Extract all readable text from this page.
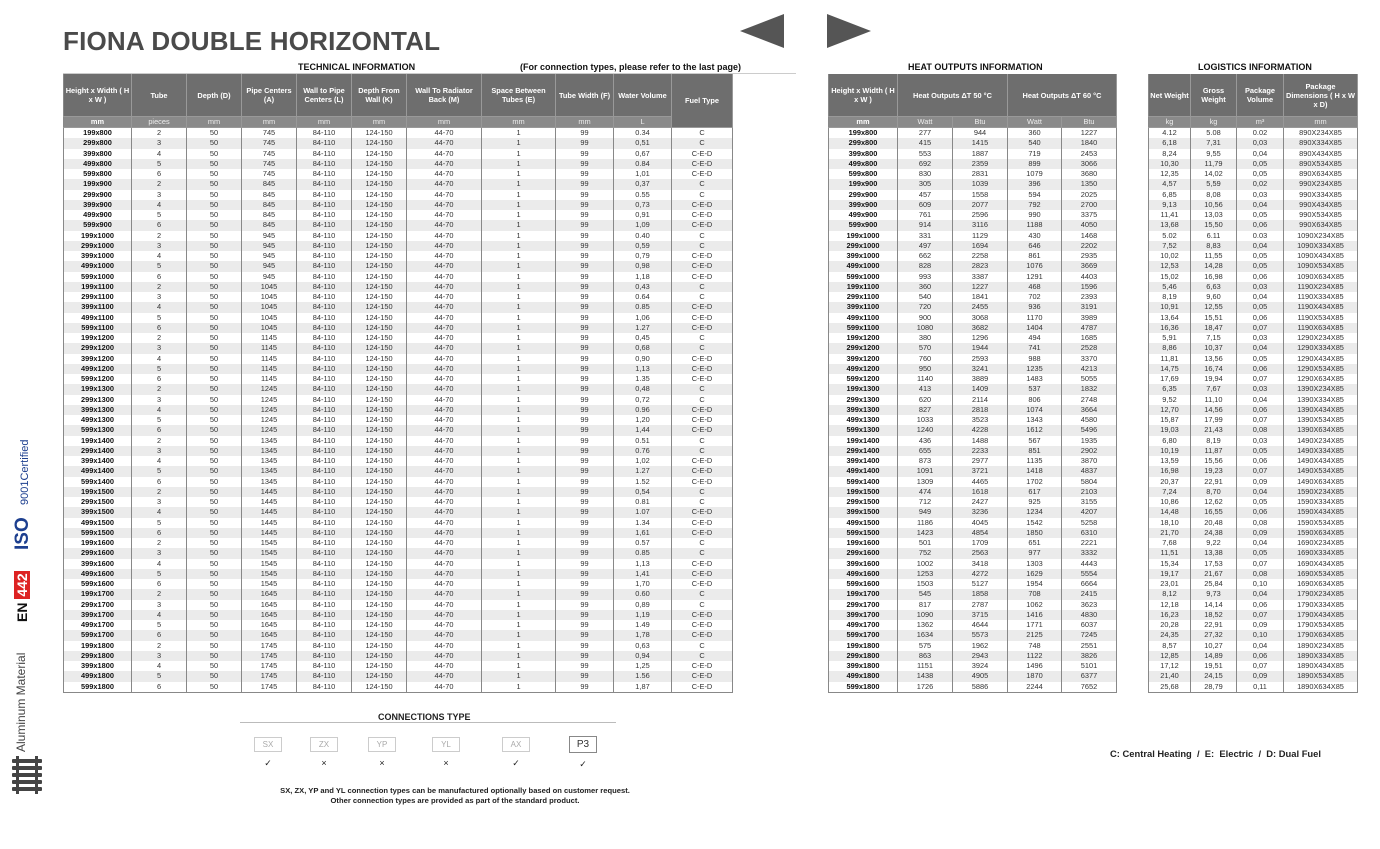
FIONA DOUBLE HORIZONTAL
9001Certified
ISO
EN 442
Aluminum Material
TECHNICAL INFORMATION	(For connection types, please refer to the last page)
Height x Width ( H x W )	Tube	Depth (D)	Pipe Centers (A)	Wall to Pipe Centers (L)	Depth From Wall (K)	Wall To Radiator Back (M)	Space Between Tubes (E)	Tube Width (F)	Water Volume	Fuel Type
mm	pieces	mm	mm	mm	mm	mm	mm	mm	L	
199x800	2	50	745	84-110	124-150	44-70	1	99	0.34	C
299x800	3	50	745	84-110	124-150	44-70	1	99	0,51	C
399x800	4	50	745	84-110	124-150	44-70	1	99	0,67	C-E-D
499x800	5	50	745	84-110	124-150	44-70	1	99	0.84	C-E-D
599x800	6	50	745	84-110	124-150	44-70	1	99	1,01	C-E-D
199x900	2	50	845	84-110	124-150	44-70	1	99	0,37	C
299x900	3	50	845	84-110	124-150	44-70	1	99	0.55	C
399x900	4	50	845	84-110	124-150	44-70	1	99	0,73	C-E-D
499x900	5	50	845	84-110	124-150	44-70	1	99	0,91	C-E-D
599x900	6	50	845	84-110	124-150	44-70	1	99	1,09	C-E-D
199x1000	2	50	945	84-110	124-150	44-70	1	99	0.40	C
299x1000	3	50	945	84-110	124-150	44-70	1	99	0,59	C
399x1000	4	50	945	84-110	124-150	44-70	1	99	0,79	C-E-D
499x1000	5	50	945	84-110	124-150	44-70	1	99	0,98	C-E-D
599x1000	6	50	945	84-110	124-150	44-70	1	99	1,18	C-E-D
199x1100	2	50	1045	84-110	124-150	44-70	1	99	0,43	C
299x1100	3	50	1045	84-110	124-150	44-70	1	99	0.64	C
399x1100	4	50	1045	84-110	124-150	44-70	1	99	0.85	C-E-D
499x1100	5	50	1045	84-110	124-150	44-70	1	99	1,06	C-E-D
599x1100	6	50	1045	84-110	124-150	44-70	1	99	1.27	C-E-D
199x1200	2	50	1145	84-110	124-150	44-70	1	99	0,45	C
299x1200	3	50	1145	84-110	124-150	44-70	1	99	0,68	C
399x1200	4	50	1145	84-110	124-150	44-70	1	99	0,90	C-E-D
499x1200	5	50	1145	84-110	124-150	44-70	1	99	1,13	C-E-D
599x1200	6	50	1145	84-110	124-150	44-70	1	99	1.35	C-E-D
199x1300	2	50	1245	84-110	124-150	44-70	1	99	0,48	C
299x1300	3	50	1245	84-110	124-150	44-70	1	99	0,72	C
399x1300	4	50	1245	84-110	124-150	44-70	1	99	0.96	C-E-D
499x1300	5	50	1245	84-110	124-150	44-70	1	99	1,20	C-E-D
599x1300	6	50	1245	84-110	124-150	44-70	1	99	1,44	C-E-D
199x1400	2	50	1345	84-110	124-150	44-70	1	99	0.51	C
299x1400	3	50	1345	84-110	124-150	44-70	1	99	0.76	C
399x1400	4	50	1345	84-110	124-150	44-70	1	99	1,02	C-E-D
499x1400	5	50	1345	84-110	124-150	44-70	1	99	1.27	C-E-D
599x1400	6	50	1345	84-110	124-150	44-70	1	99	1.52	C-E-D
199x1500	2	50	1445	84-110	124-150	44-70	1	99	0,54	C
299x1500	3	50	1445	84-110	124-150	44-70	1	99	0.81	C
399x1500	4	50	1445	84-110	124-150	44-70	1	99	1.07	C-E-D
499x1500	5	50	1445	84-110	124-150	44-70	1	99	1.34	C-E-D
599x1500	6	50	1445	84-110	124-150	44-70	1	99	1,61	C-E-D
199x1600	2	50	1545	84-110	124-150	44-70	1	99	0.57	C
299x1600	3	50	1545	84-110	124-150	44-70	1	99	0.85	C
399x1600	4	50	1545	84-110	124-150	44-70	1	99	1,13	C-E-D
499x1600	5	50	1545	84-110	124-150	44-70	1	99	1,41	C-E-D
599x1600	6	50	1545	84-110	124-150	44-70	1	99	1,70	C-E-D
199x1700	2	50	1645	84-110	124-150	44-70	1	99	0.60	C
299x1700	3	50	1645	84-110	124-150	44-70	1	99	0,89	C
399x1700	4	50	1645	84-110	124-150	44-70	1	99	1,19	C-E-D
499x1700	5	50	1645	84-110	124-150	44-70	1	99	1.49	C-E-D
599x1700	6	50	1645	84-110	124-150	44-70	1	99	1,78	C-E-D
199x1800	2	50	1745	84-110	124-150	44-70	1	99	0,63	C
299x1800	3	50	1745	84-110	124-150	44-70	1	99	0,94	C
399x1800	4	50	1745	84-110	124-150	44-70	1	99	1,25	C-E-D
499x1800	5	50	1745	84-110	124-150	44-70	1	99	1.56	C-E-D
599x1800	6	50	1745	84-110	124-150	44-70	1	99	1,87	C-E-D
HEAT OUTPUTS INFORMATION
Height x Width ( H x W )	Heat Outputs ΔT 50 °C		Heat Outputs ΔT 60 °C	
mm	Watt	Btu	Watt	Btu
199x800	277	944	360	1227
299x800	415	1415	540	1840
399x800	553	1887	719	2453
499x800	692	2359	899	3066
599x800	830	2831	1079	3680
199x900	305	1039	396	1350
299x900	457	1558	594	2025
399x900	609	2077	792	2700
499x900	761	2596	990	3375
599x900	914	3116	1188	4050
199x1000	331	1129	430	1468
299x1000	497	1694	646	2202
399x1000	662	2258	861	2935
499x1000	828	2823	1076	3669
599x1000	993	3387	1291	4403
199x1100	360	1227	468	1596
299x1100	540	1841	702	2393
399x1100	720	2455	936	3191
499x1100	900	3068	1170	3989
599x1100	1080	3682	1404	4787
199x1200	380	1296	494	1685
299x1200	570	1944	741	2528
399x1200	760	2593	988	3370
499x1200	950	3241	1235	4213
599x1200	1140	3889	1483	5055
199x1300	413	1409	537	1832
299x1300	620	2114	806	2748
399x1300	827	2818	1074	3664
499x1300	1033	3523	1343	4580
599x1300	1240	4228	1612	5496
199x1400	436	1488	567	1935
299x1400	655	2233	851	2902
399x1400	873	2977	1135	3870
499x1400	1091	3721	1418	4837
599x1400	1309	4465	1702	5804
199x1500	474	1618	617	2103
299x1500	712	2427	925	3155
399x1500	949	3236	1234	4207
499x1500	1186	4045	1542	5258
599x1500	1423	4854	1850	6310
199x1600	501	1709	651	2221
299x1600	752	2563	977	3332
399x1600	1002	3418	1303	4443
499x1600	1253	4272	1629	5554
599x1600	1503	5127	1954	6664
199x1700	545	1858	708	2415
299x1700	817	2787	1062	3623
399x1700	1090	3715	1416	4830
499x1700	1362	4644	1771	6037
599x1700	1634	5573	2125	7245
199x1800	575	1962	748	2551
299x1800	863	2943	1122	3826
399x1800	1151	3924	1496	5101
499x1800	1438	4905	1870	6377
599x1800	1726	5886	2244	7652
LOGISTICS INFORMATION
Net Weight	Gross Weight	Package Volume	Package Dimensions ( H x W x D)
kg	kg	m³	mm
4.12	5.08	0.02	890X234X85
6,18	7,31	0,03	890X334X85
8,24	9,55	0,04	890X434X85
10,30	11,79	0,05	890X534X85
12,35	14,02	0,05	890X634X85
4,57	5,59	0,02	990X234X85
6,85	8,08	0,03	990X334X85
9,13	10,56	0,04	990X434X85
11,41	13,03	0,05	990X534X85
13,68	15,50	0,06	990X634X85
5.02	6.11	0.03	1090X234X85
7,52	8,83	0,04	1090X334X85
10,02	11,55	0,05	1090X434X85
12,53	14,28	0,05	1090X534X85
15,02	16,98	0,06	1090X634X85
5,46	6,63	0,03	1190X234X85
8,19	9,60	0,04	1190X334X85
10,91	12,55	0,05	1190X434X85
13,64	15,51	0,06	1190X534X85
16,36	18,47	0,07	1190X634X85
5,91	7,15	0,03	1290X234X85
8,86	10,37	0,04	1290X334X85
11,81	13,56	0,05	1290X434X85
14,75	16,74	0,06	1290X534X85
17,69	19,94	0,07	1290X634X85
6,35	7,67	0,03	1390X234X85
9,52	11,10	0,04	1390X334X85
12,70	14,56	0,06	1390X434X85
15,87	17,99	0,07	1390X534X85
19,03	21,43	0,08	1390X634X85
6,80	8,19	0,03	1490X234X85
10,19	11,87	0,05	1490X334X85
13,59	15,56	0,06	1490X434X85
16,98	19,23	0,07	1490X534X85
20,37	22,91	0,09	1490X634X85
7,24	8,70	0,04	1590X234X85
10,86	12,62	0,05	1590X334X85
14,48	16,55	0,06	1590X434X85
18,10	20,48	0,08	1590X534X85
21,70	24,38	0,09	1590X634X85
7,68	9,22	0,04	1690X234X85
11,51	13,38	0,05	1690X334X85
15,34	17,53	0,07	1690X434X85
19,17	21,67	0,08	1690X534X85
23,01	25,84	0,10	1690X634X85
8,12	9,73	0,04	1790X234X85
12,18	14,14	0,06	1790X334X85
16,23	18,52	0,07	1790X434X85
20,28	22,91	0,09	1790X534X85
24,35	27,32	0,10	1790X634X85
8,57	10,27	0,04	1890X234X85
12,85	14,89	0,06	1890X334X85
17,12	19,51	0,07	1890X434X85
21,40	24,15	0,09	1890X534X85
25,68	28,79	0,11	1890X634X85
CONNECTIONS TYPE
SX
✓
ZX
×
YP
×
YL
×
AX
✓
P3
✓
SX, ZX, YP and YL connection types can be manufactured optionally based on customer request.
Other connection types are provided as part of the standard product.
C: Central Heating  /  E:  Electric  /  D: Dual Fuel
